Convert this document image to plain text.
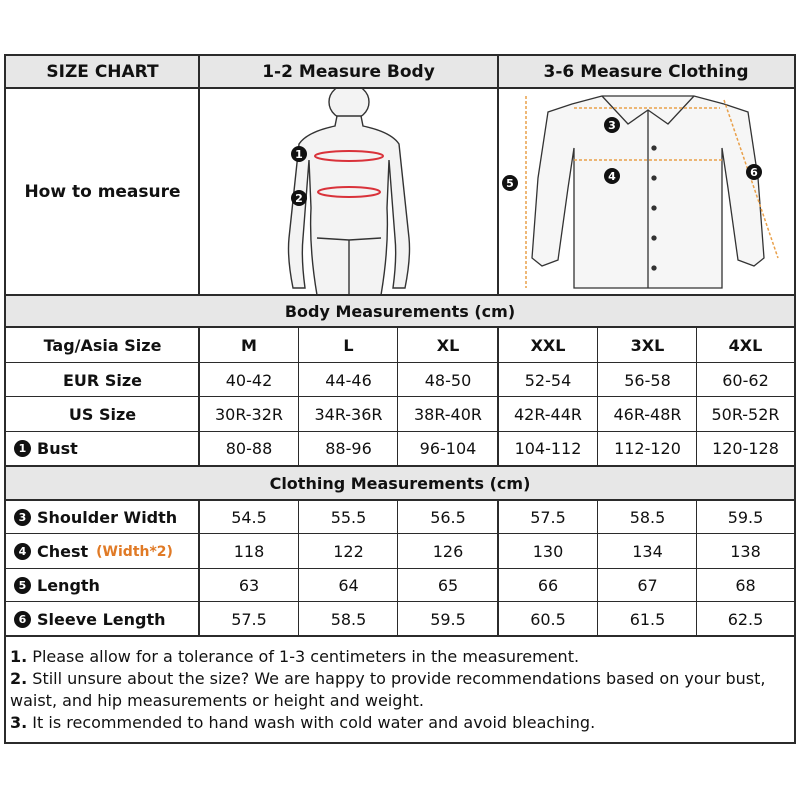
SIZE CHART	1-2 Measure Body	3-6 Measure Clothing
How to measure
1
2
3
4
5
6
Body Measurements (cm)
Tag/Asia Size	M	L	XL	XXL	3XL	4XL
EUR Size	40-42	44-46	48-50	52-54	56-58	60-62
US Size	30R-32R	34R-36R	38R-40R	42R-44R	46R-48R	50R-52R
1 Bust	80-88	88-96	96-104	104-112	112-120	120-128
Clothing Measurements (cm)
3 Shoulder Width	54.5	55.5	56.5	57.5	58.5	59.5
4 Chest (Width*2)	118	122	126	130	134	138
5 Length	63	64	65	66	67	68
6 Sleeve Length	57.5	58.5	59.5	60.5	61.5	62.5
1. Please allow for a tolerance of 1-3 centimeters in the measurement.
2. Still unsure about the size? We are happy to provide recommendations based on your bust, waist, and hip measurements or height and weight.
3. It is recommended to hand wash with cold water and avoid bleaching.
